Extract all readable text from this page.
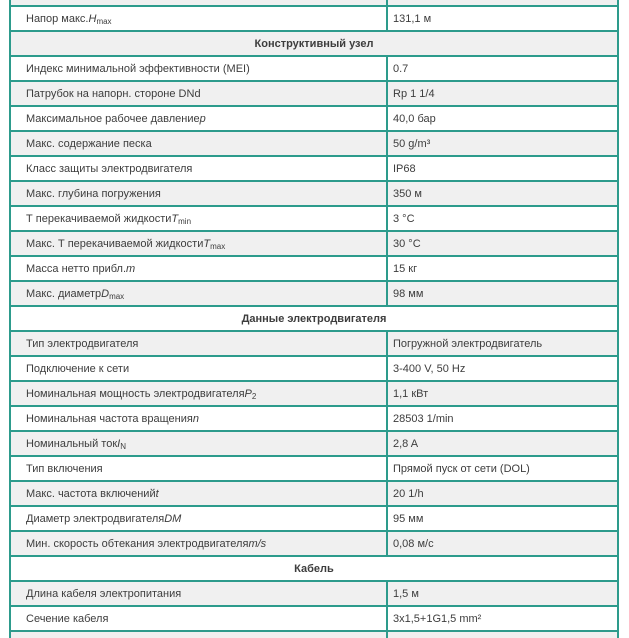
Напор макс. H max	131,1 м
Конструктивный узел
Индекс минимальной эффективности (MEI)	0.7
Патрубок на напорн. стороне DNd	Rp 1 1/4
Максимальное рабочее давление p	40,0 бар
Макс. содержание песка	50 g/m³
Класс защиты электродвигателя	IP68
Макс. глубина погружения	350 м
Т перекачиваемой жидкости T min	3 °C
Макс. Т перекачиваемой жидкости T max	30 °C
Масса нетто прибл. m	15 кг
Макс. диаметр D max	98 мм
Данные электродвигателя
Тип электродвигателя	Погружной электродвигатель
Подключение к сети	3-400 V, 50 Hz
Номинальная мощность электродвигателя P 2	1,1 кВт
Номинальная частота вращения n	28503 1/min
Номинальный ток I N	2,8 A
Тип включения	Прямой пуск от сети (DOL)
Макс. частота включений t	20 1/h
Диаметр электродвигателя DM	95 мм
Мин. скорость обтекания электродвигателя m/s	0,08 м/с
Кабель
Длина кабеля электропитания	1,5 м
Сечение кабеля	3x1,5+1G1,5 mm²
